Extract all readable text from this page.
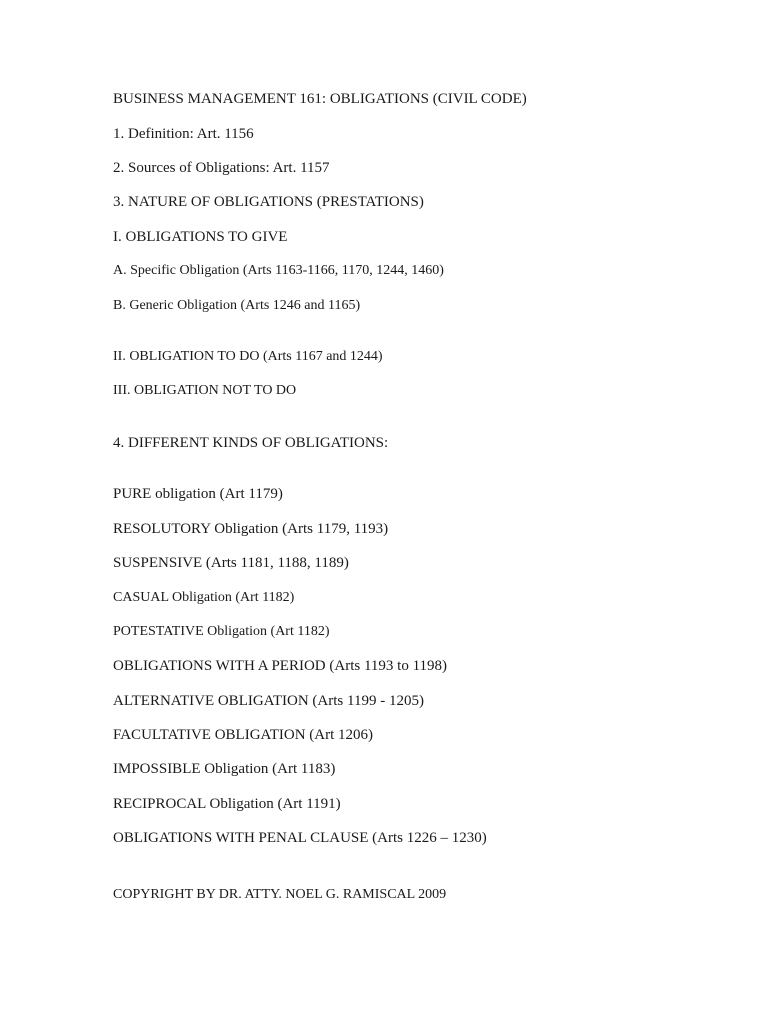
BUSINESS MANAGEMENT 161: OBLIGATIONS (CIVIL CODE)
1. Definition: Art. 1156
2. Sources of Obligations: Art. 1157
3. NATURE OF OBLIGATIONS (PRESTATIONS)
I. OBLIGATIONS TO GIVE
A. Specific Obligation (Arts 1163-1166, 1170, 1244, 1460)
B. Generic Obligation (Arts 1246 and 1165)
II. OBLIGATION TO DO (Arts 1167 and 1244)
III. OBLIGATION NOT TO DO
4. DIFFERENT KINDS OF OBLIGATIONS:
PURE obligation (Art 1179)
RESOLUTORY Obligation (Arts 1179, 1193)
SUSPENSIVE (Arts 1181, 1188, 1189)
CASUAL Obligation (Art 1182)
POTESTATIVE Obligation (Art 1182)
OBLIGATIONS WITH A PERIOD (Arts 1193 to 1198)
ALTERNATIVE OBLIGATION (Arts 1199 - 1205)
FACULTATIVE OBLIGATION (Art 1206)
IMPOSSIBLE Obligation (Art 1183)
RECIPROCAL Obligation (Art 1191)
OBLIGATIONS WITH PENAL CLAUSE (Arts 1226 – 1230)
COPYRIGHT BY DR. ATTY. NOEL G. RAMISCAL 2009
